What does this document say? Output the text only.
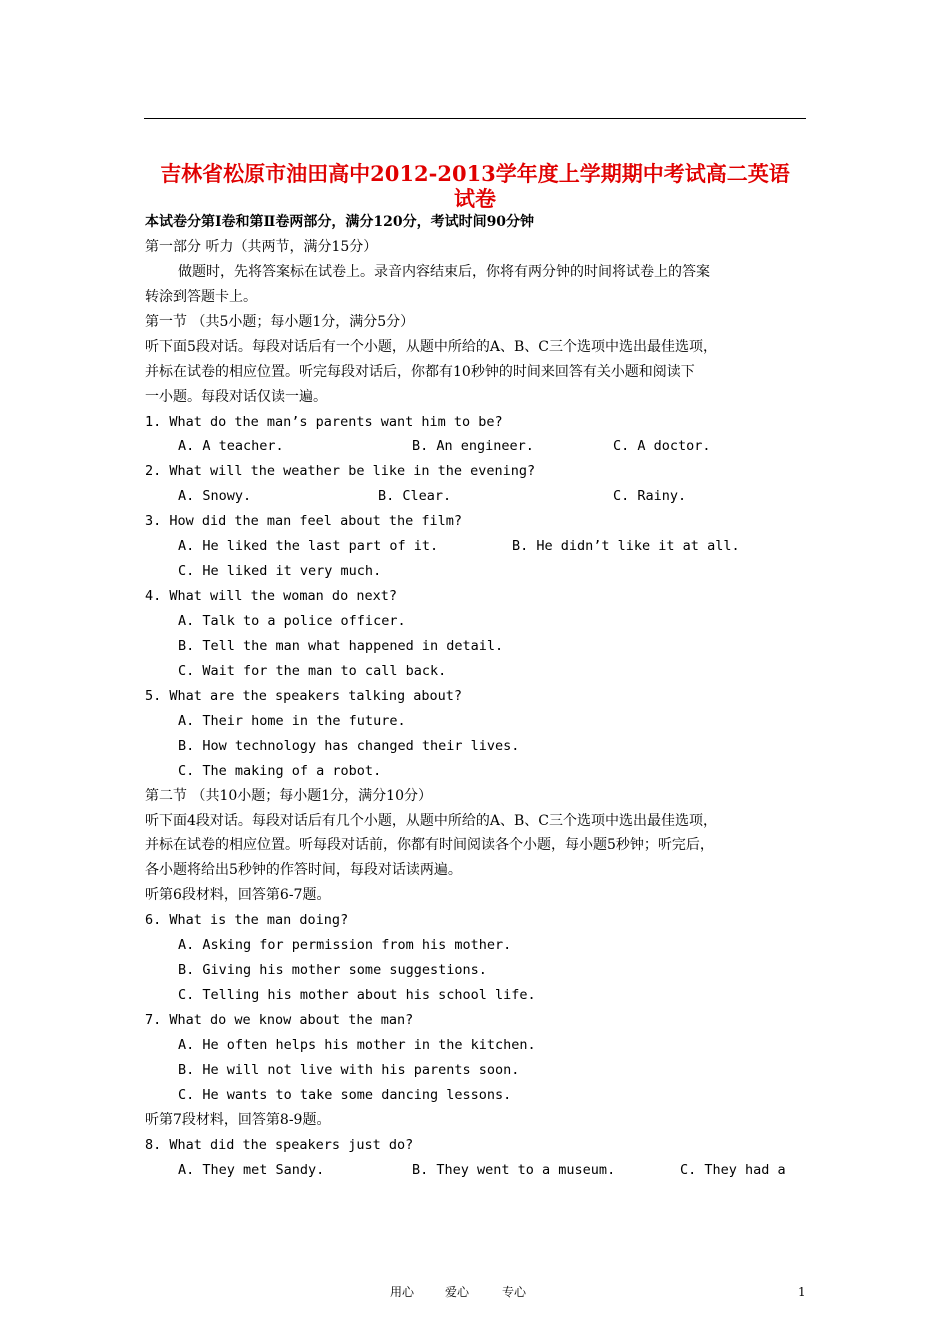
吉林省松原市油田高中2012-2013学年度上学期期中考试高二英语
试卷
本试卷分第Ⅰ卷和第Ⅱ卷两部分，满分120分，考试时间90分钟
第一部分 听力（共两节，满分15分）
做题时，先将答案标在试卷上。录音内容结束后，你将有两分钟的时间将试卷上的答案
转涂到答题卡上。
第一节 （共5小题；每小题1分，满分5分）
听下面5段对话。每段对话后有一个小题，从题中所给的A、B、C三个选项中选出最佳选项，
并标在试卷的相应位置。听完每段对话后，你都有10秒钟的时间来回答有关小题和阅读下
一小题。每段对话仅读一遍。
1. What do the man’s parents want him to be?
A. A teacher.	B. An engineer.	C. A doctor.
2. What will the weather be like in the evening?
A. Snowy.	B. Clear.	C. Rainy.
3. How did the man feel about the film?
A. He liked the last part of it.	B. He didn’t like it at all.
C. He liked it very much.
4. What will the woman do next?
A. Talk to a police officer.
B. Tell the man what happened in detail.
C. Wait for the man to call back.
5. What are the speakers talking about?
A. Their home in the future.
B. How technology has changed their lives.
C. The making of a robot.
第二节 （共10小题；每小题1分，满分10分）
听下面4段对话。每段对话后有几个小题，从题中所给的A、B、C三个选项中选出最佳选项，
并标在试卷的相应位置。听每段对话前，你都有时间阅读各个小题，每小题5秒钟；听完后，
各小题将给出5秒钟的作答时间，每段对话读两遍。
听第6段材料，回答第6-7题。
6. What is the man doing?
A. Asking for permission from his mother.
B. Giving his mother some suggestions.
C. Telling his mother about his school life.
7. What do we know about the man?
A. He often helps his mother in the kitchen.
B. He will not live with his parents soon.
C. He wants to take some dancing lessons.
听第7段材料，回答第8-9题。
8. What did the speakers just do?
A. They met Sandy.	B. They went to a museum.	C. They had a
用心	爱心	专心	1
